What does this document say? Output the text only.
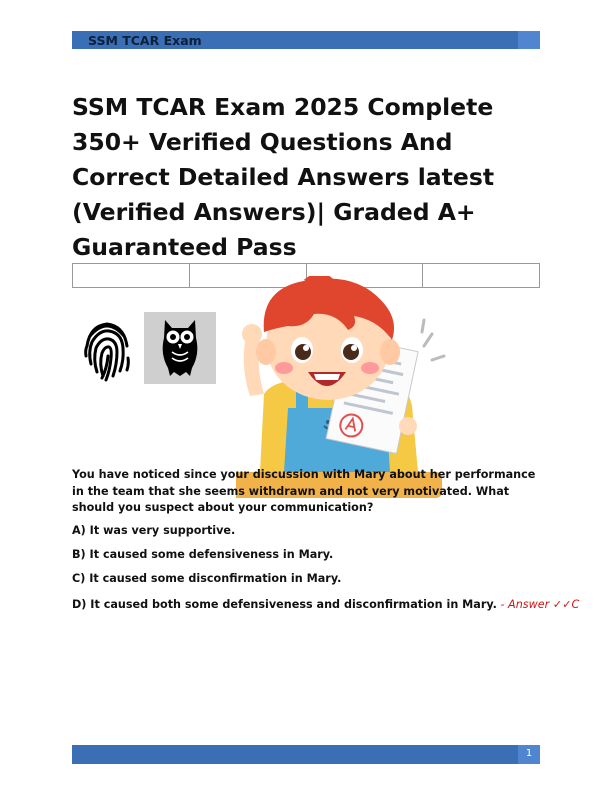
SSM TCAR Exam
SSM TCAR Exam 2025 Complete 350+ Verified Questions And Correct Detailed Answers latest (Verified Answers)| Graded A+ Guaranteed Pass

You have noticed since your discussion with Mary about her performance in the team that she seems withdrawn and not very motivated. What should you suspect about your communication?

A) It was very supportive.

B) It caused some defensiveness in Mary.

C) It caused some disconfirmation in Mary.

D) It caused both some defensiveness and disconfirmation in Mary. - Answer ✓✓C

1
